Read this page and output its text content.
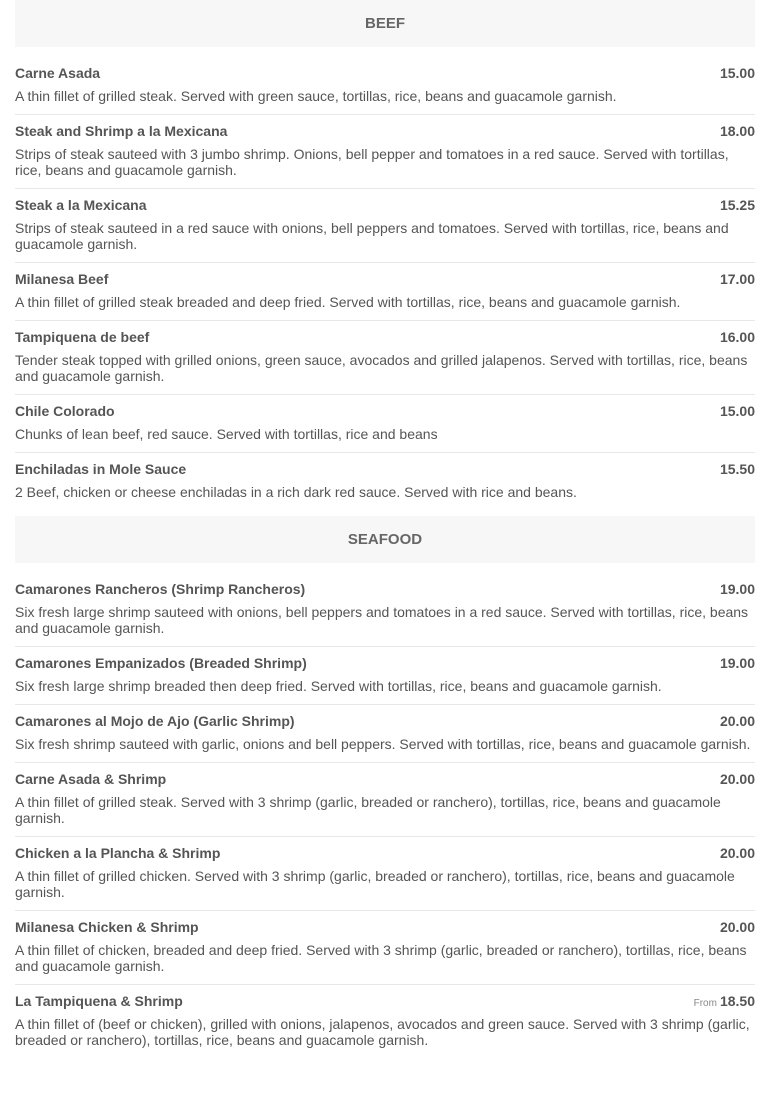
BEEF
Carne Asada	15.00
A thin fillet of grilled steak. Served with green sauce, tortillas, rice, beans and guacamole garnish.
Steak and Shrimp a la Mexicana	18.00
Strips of steak sauteed with 3 jumbo shrimp. Onions, bell pepper and tomatoes in a red sauce. Served with tortillas, rice, beans and guacamole garnish.
Steak a la Mexicana	15.25
Strips of steak sauteed in a red sauce with onions, bell peppers and tomatoes. Served with tortillas, rice, beans and guacamole garnish.
Milanesa Beef	17.00
A thin fillet of grilled steak breaded and deep fried. Served with tortillas, rice, beans and guacamole garnish.
Tampiquena de beef	16.00
Tender steak topped with grilled onions, green sauce, avocados and grilled jalapenos. Served with tortillas, rice, beans and guacamole garnish.
Chile Colorado	15.00
Chunks of lean beef, red sauce. Served with tortillas, rice and beans
Enchiladas in Mole Sauce	15.50
2 Beef, chicken or cheese enchiladas in a rich dark red sauce. Served with rice and beans.
SEAFOOD
Camarones Rancheros (Shrimp Rancheros)	19.00
Six fresh large shrimp sauteed with onions, bell peppers and tomatoes in a red sauce. Served with tortillas, rice, beans and guacamole garnish.
Camarones Empanizados (Breaded Shrimp)	19.00
Six fresh large shrimp breaded then deep fried. Served with tortillas, rice, beans and guacamole garnish.
Camarones al Mojo de Ajo (Garlic Shrimp)	20.00
Six fresh shrimp sauteed with garlic, onions and bell peppers. Served with tortillas, rice, beans and guacamole garnish.
Carne Asada & Shrimp	20.00
A thin fillet of grilled steak. Served with 3 shrimp (garlic, breaded or ranchero), tortillas, rice, beans and guacamole garnish.
Chicken a la Plancha & Shrimp	20.00
A thin fillet of grilled chicken. Served with 3 shrimp (garlic, breaded or ranchero), tortillas, rice, beans and guacamole garnish.
Milanesa Chicken & Shrimp	20.00
A thin fillet of chicken, breaded and deep fried. Served with 3 shrimp (garlic, breaded or ranchero), tortillas, rice, beans and guacamole garnish.
La Tampiquena & Shrimp	From 18.50
A thin fillet of (beef or chicken), grilled with onions, jalapenos, avocados and green sauce. Served with 3 shrimp (garlic, breaded or ranchero), tortillas, rice, beans and guacamole garnish.
